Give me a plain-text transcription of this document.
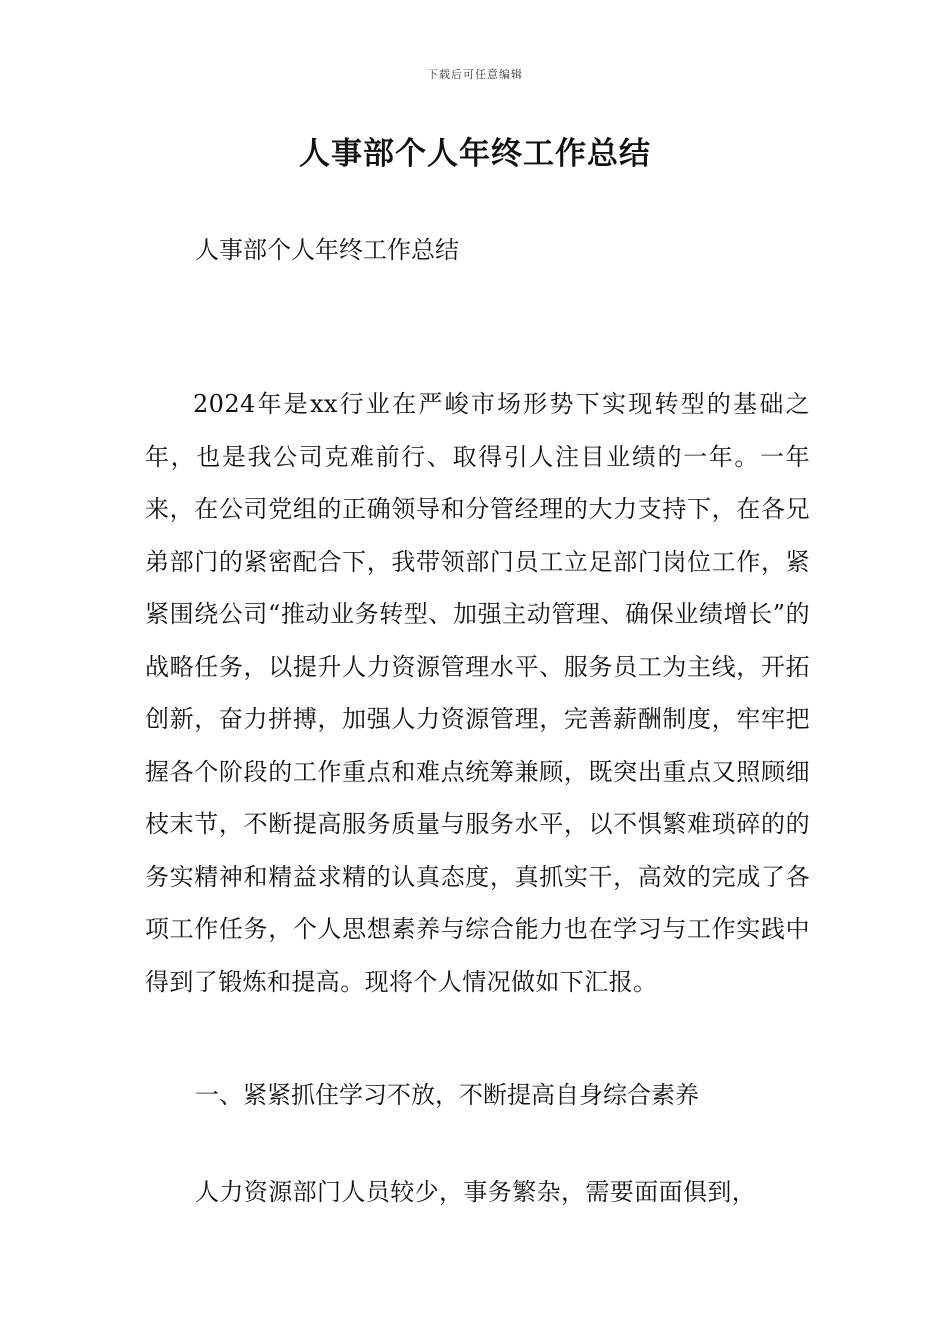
下载后可任意编辑
人事部个人年终工作总结

人事部个人年终工作总结

2024年是xx行业在严峻市场形势下实现转型的基础之年，也是我公司克难前行、取得引人注目业绩的一年。一年来，在公司党组的正确领导和分管经理的大力支持下，在各兄弟部门的紧密配合下，我带领部门员工立足部门岗位工作，紧紧围绕公司“推动业务转型、加强主动管理、确保业绩增长”的战略任务，以提升人力资源管理水平、服务员工为主线，开拓创新，奋力拼搏，加强人力资源管理，完善薪酬制度，牢牢把握各个阶段的工作重点和难点统筹兼顾，既突出重点又照顾细枝末节，不断提高服务质量与服务水平，以不惧繁难琐碎的的务实精神和精益求精的认真态度，真抓实干，高效的完成了各项工作任务，个人思想素养与综合能力也在学习与工作实践中得到了锻炼和提高。现将个人情况做如下汇报。

一、紧紧抓住学习不放，不断提高自身综合素养

人力资源部门人员较少，事务繁杂，需要面面俱到，
